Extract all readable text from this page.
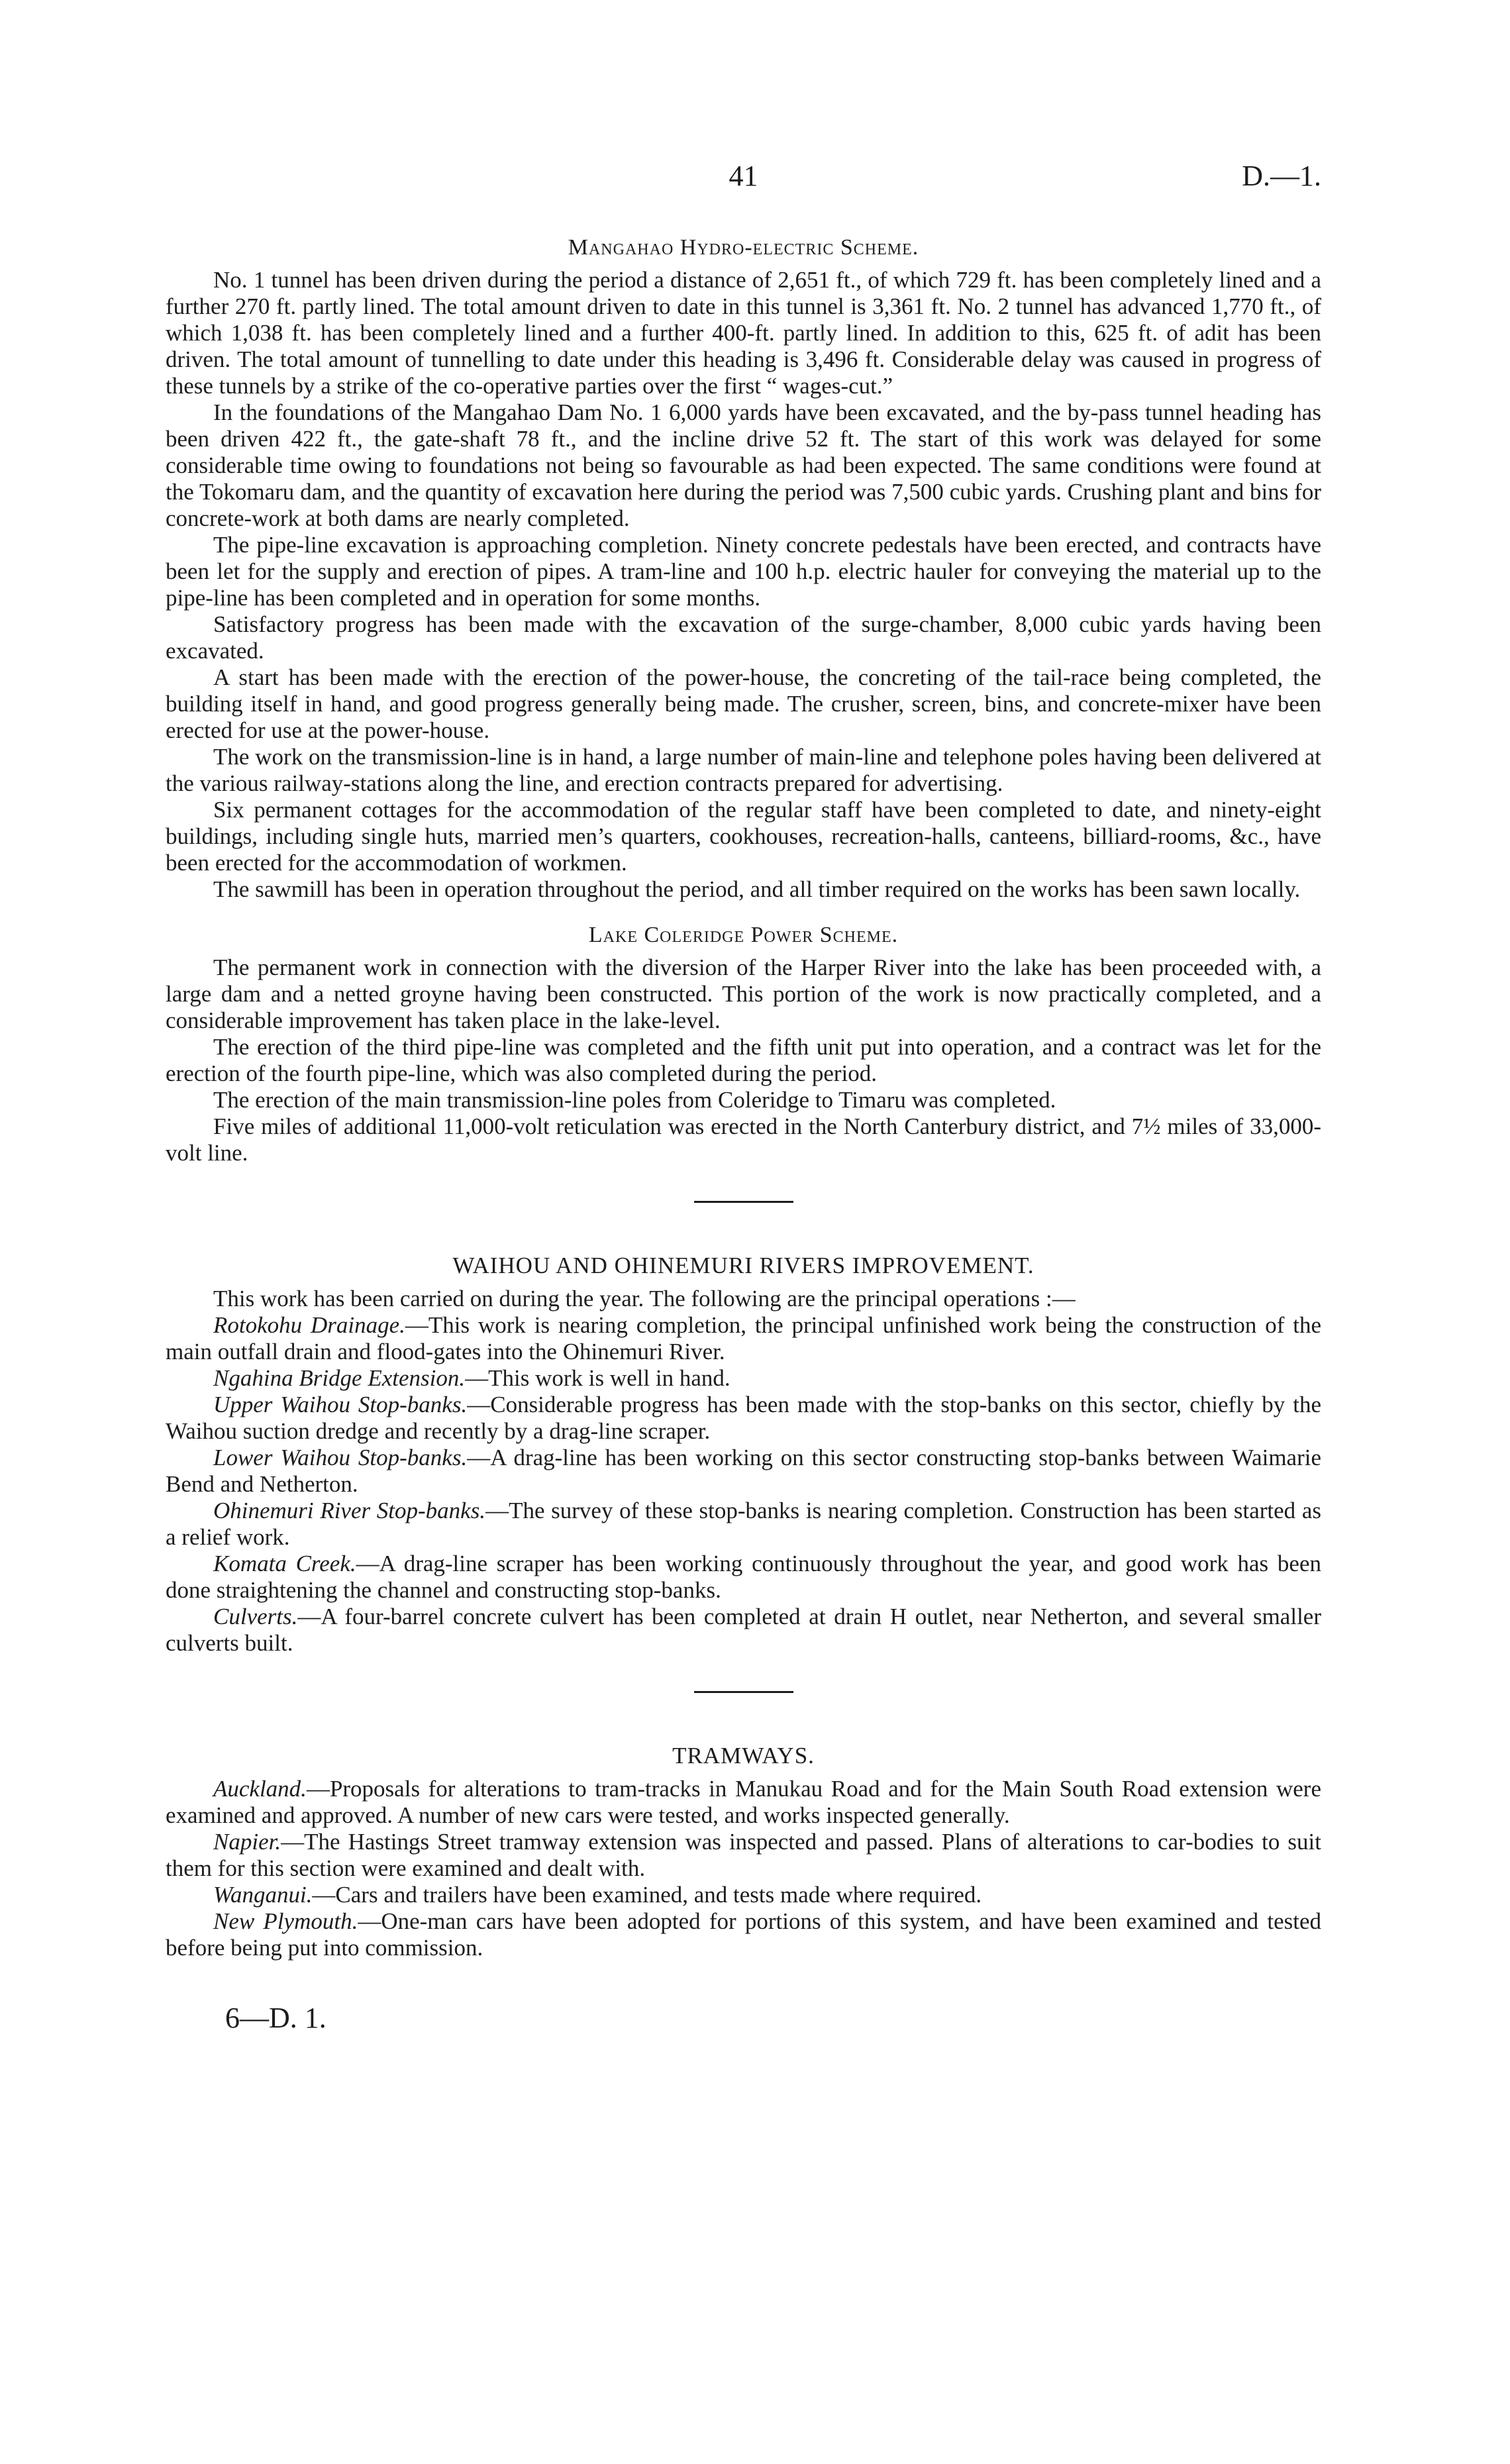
41	D.—1.
Mangahao Hydro-electric Scheme.

No. 1 tunnel has been driven during the period a distance of 2,651 ft., of which 729 ft. has been completely lined and a further 270 ft. partly lined. The total amount driven to date in this tunnel is 3,361 ft. No. 2 tunnel has advanced 1,770 ft., of which 1,038 ft. has been completely lined and a further 400-ft. partly lined. In addition to this, 625 ft. of adit has been driven. The total amount of tunnelling to date under this heading is 3,496 ft. Considerable delay was caused in progress of these tunnels by a strike of the co-operative parties over the first “ wages-cut.”

In the foundations of the Mangahao Dam No. 1 6,000 yards have been excavated, and the by-pass tunnel heading has been driven 422 ft., the gate-shaft 78 ft., and the incline drive 52 ft. The start of this work was delayed for some considerable time owing to foundations not being so favourable as had been expected. The same conditions were found at the Tokomaru dam, and the quantity of excavation here during the period was 7,500 cubic yards. Crushing plant and bins for concrete-work at both dams are nearly completed.

The pipe-line excavation is approaching completion. Ninety concrete pedestals have been erected, and contracts have been let for the supply and erection of pipes. A tram-line and 100 h.p. electric hauler for conveying the material up to the pipe-line has been completed and in operation for some months.

Satisfactory progress has been made with the excavation of the surge-chamber, 8,000 cubic yards having been excavated.

A start has been made with the erection of the power-house, the concreting of the tail-race being completed, the building itself in hand, and good progress generally being made. The crusher, screen, bins, and concrete-mixer have been erected for use at the power-house.

The work on the transmission-line is in hand, a large number of main-line and telephone poles having been delivered at the various railway-stations along the line, and erection contracts prepared for advertising.

Six permanent cottages for the accommodation of the regular staff have been completed to date, and ninety-eight buildings, including single huts, married men’s quarters, cookhouses, recreation-halls, canteens, billiard-rooms, &c., have been erected for the accommodation of workmen.

The sawmill has been in operation throughout the period, and all timber required on the works has been sawn locally.

Lake Coleridge Power Scheme.

The permanent work in connection with the diversion of the Harper River into the lake has been proceeded with, a large dam and a netted groyne having been constructed. This portion of the work is now practically completed, and a considerable improvement has taken place in the lake-level.

The erection of the third pipe-line was completed and the fifth unit put into operation, and a contract was let for the erection of the fourth pipe-line, which was also completed during the period.

The erection of the main transmission-line poles from Coleridge to Timaru was completed.

Five miles of additional 11,000-volt reticulation was erected in the North Canterbury district, and 7½ miles of 33,000-volt line.

WAIHOU AND OHINEMURI RIVERS IMPROVEMENT.

This work has been carried on during the year. The following are the principal operations :—

Rotokohu Drainage.—This work is nearing completion, the principal unfinished work being the construction of the main outfall drain and flood-gates into the Ohinemuri River.

Ngahina Bridge Extension.—This work is well in hand.

Upper Waihou Stop-banks.—Considerable progress has been made with the stop-banks on this sector, chiefly by the Waihou suction dredge and recently by a drag-line scraper.

Lower Waihou Stop-banks.—A drag-line has been working on this sector constructing stop-banks between Waimarie Bend and Netherton.

Ohinemuri River Stop-banks.—The survey of these stop-banks is nearing completion. Construction has been started as a relief work.

Komata Creek.—A drag-line scraper has been working continuously throughout the year, and good work has been done straightening the channel and constructing stop-banks.

Culverts.—A four-barrel concrete culvert has been completed at drain H outlet, near Netherton, and several smaller culverts built.

TRAMWAYS.

Auckland.—Proposals for alterations to tram-tracks in Manukau Road and for the Main South Road extension were examined and approved. A number of new cars were tested, and works inspected generally.

Napier.—The Hastings Street tramway extension was inspected and passed. Plans of alterations to car-bodies to suit them for this section were examined and dealt with.

Wanganui.—Cars and trailers have been examined, and tests made where required.

New Plymouth.—One-man cars have been adopted for portions of this system, and have been examined and tested before being put into commission.

6—D. 1.
